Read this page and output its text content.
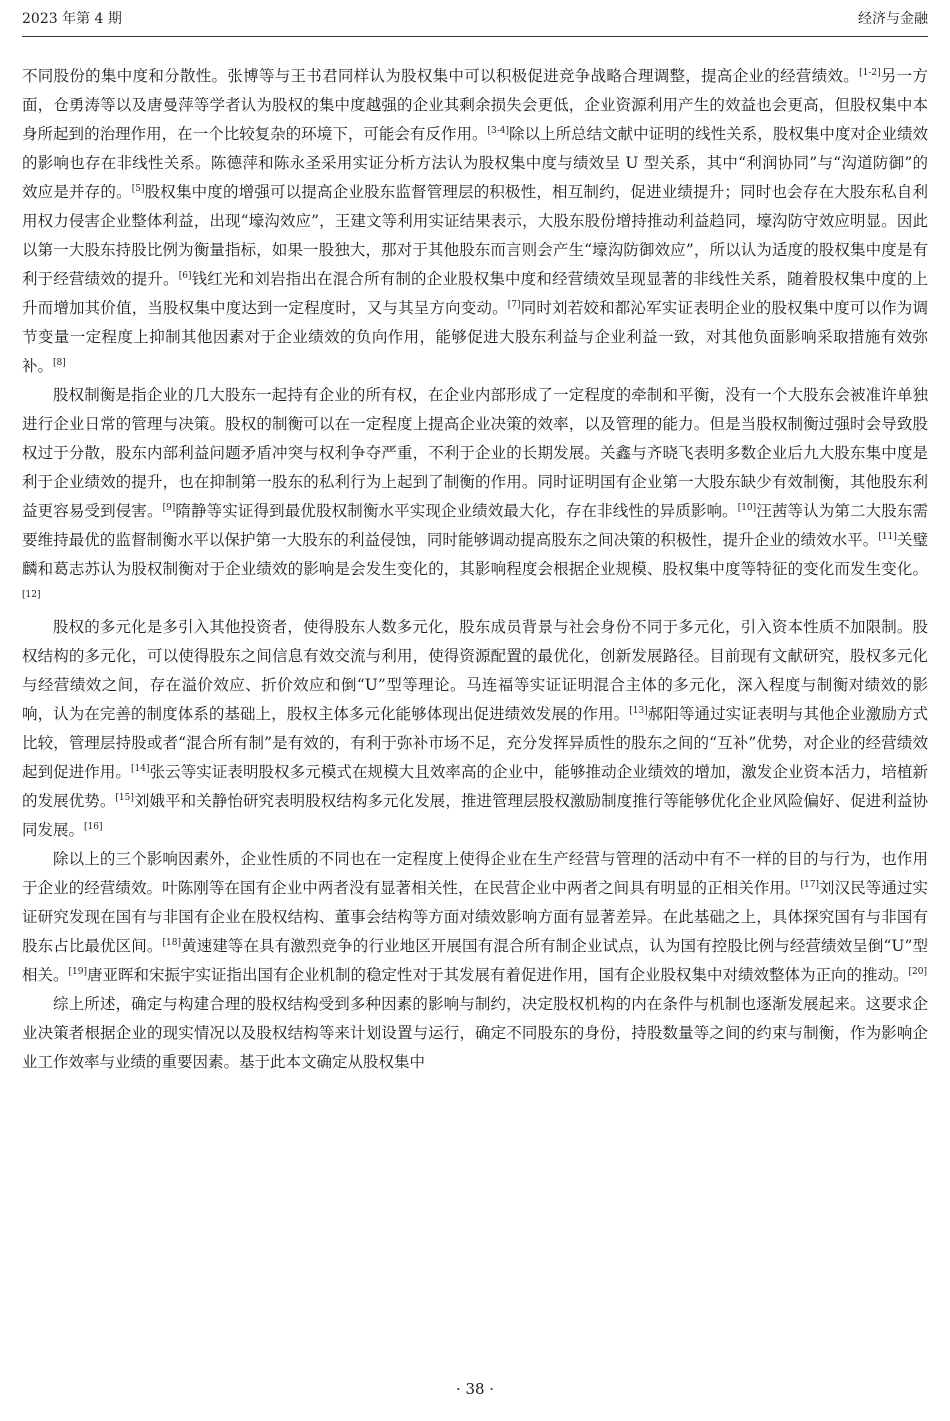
2023 年第 4 期	经济与金融

不同股份的集中度和分散性。张博等与王书君同样认为股权集中可以积极促进竞争战略合理调整，提高企业的经营绩效。[1-2]另一方面，仓勇涛等以及唐曼萍等学者认为股权的集中度越强的企业其剩余损失会更低，企业资源利用产生的效益也会更高，但股权集中本身所起到的治理作用，在一个比较复杂的环境下，可能会有反作用。[3-4]除以上所总结文献中证明的线性关系，股权集中度对企业绩效的影响也存在非线性关系。陈德萍和陈永圣采用实证分析方法认为股权集中度与绩效呈 U 型关系，其中“利润协同”与“沟道防御”的效应是并存的。[5]股权集中度的增强可以提高企业股东监督管理层的积极性，相互制约，促进业绩提升；同时也会存在大股东私自利用权力侵害企业整体利益，出现“壕沟效应”，王建文等利用实证结果表示，大股东股份增持推动利益趋同，壕沟防守效应明显。因此以第一大股东持股比例为衡量指标，如果一股独大，那对于其他股东而言则会产生“壕沟防御效应”，所以认为适度的股权集中度是有利于经营绩效的提升。[6]钱红光和刘岩指出在混合所有制的企业股权集中度和经营绩效呈现显著的非线性关系，随着股权集中度的上升而增加其价值，当股权集中度达到一定程度时，又与其呈方向变动。[7]同时刘若姣和都沁军实证表明企业的股权集中度可以作为调节变量一定程度上抑制其他因素对于企业绩效的负向作用，能够促进大股东利益与企业利益一致，对其他负面影响采取措施有效弥补。[8]

股权制衡是指企业的几大股东一起持有企业的所有权，在企业内部形成了一定程度的牵制和平衡，没有一个大股东会被准许单独进行企业日常的管理与决策。股权的制衡可以在一定程度上提高企业决策的效率，以及管理的能力。但是当股权制衡过强时会导致股权过于分散，股东内部利益问题矛盾冲突与权利争夺严重，不利于企业的长期发展。关鑫与齐晓飞表明多数企业后九大股东集中度是利于企业绩效的提升，也在抑制第一股东的私利行为上起到了制衡的作用。同时证明国有企业第一大股东缺少有效制衡，其他股东利益更容易受到侵害。[9]隋静等实证得到最优股权制衡水平实现企业绩效最大化，存在非线性的异质影响。[10]汪茜等认为第二大股东需要维持最优的监督制衡水平以保护第一大股东的利益侵蚀，同时能够调动提高股东之间决策的积极性，提升企业的绩效水平。[11]关璧麟和葛志苏认为股权制衡对于企业绩效的影响是会发生变化的，其影响程度会根据企业规模、股权集中度等特征的变化而发生变化。[12]

股权的多元化是多引入其他投资者，使得股东人数多元化，股东成员背景与社会身份不同于多元化，引入资本性质不加限制。股权结构的多元化，可以使得股东之间信息有效交流与利用，使得资源配置的最优化，创新发展路径。目前现有文献研究，股权多元化与经营绩效之间，存在溢价效应、折价效应和倒“U”型等理论。马连福等实证证明混合主体的多元化，深入程度与制衡对绩效的影响，认为在完善的制度体系的基础上，股权主体多元化能够体现出促进绩效发展的作用。[13]郝阳等通过实证表明与其他企业激励方式比较，管理层持股或者“混合所有制”是有效的，有利于弥补市场不足，充分发挥异质性的股东之间的“互补”优势，对企业的经营绩效起到促进作用。[14]张云等实证表明股权多元模式在规模大且效率高的企业中，能够推动企业绩效的增加，激发企业资本活力，培植新的发展优势。[15]刘娥平和关静怡研究表明股权结构多元化发展，推进管理层股权激励制度推行等能够优化企业风险偏好、促进利益协同发展。[16]

除以上的三个影响因素外，企业性质的不同也在一定程度上使得企业在生产经营与管理的活动中有不一样的目的与行为，也作用于企业的经营绩效。叶陈刚等在国有企业中两者没有显著相关性，在民营企业中两者之间具有明显的正相关作用。[17]刘汉民等通过实证研究发现在国有与非国有企业在股权结构、董事会结构等方面对绩效影响方面有显著差异。在此基础之上，具体探究国有与非国有股东占比最优区间。[18]黄速建等在具有激烈竞争的行业地区开展国有混合所有制企业试点，认为国有控股比例与经营绩效呈倒“U”型相关。[19]唐亚晖和宋振宇实证指出国有企业机制的稳定性对于其发展有着促进作用，国有企业股权集中对绩效整体为正向的推动。[20]

综上所述，确定与构建合理的股权结构受到多种因素的影响与制约，决定股权机构的内在条件与机制也逐渐发展起来。这要求企业决策者根据企业的现实情况以及股权结构等来计划设置与运行，确定不同股东的身份，持股数量等之间的约束与制衡，作为影响企业工作效率与业绩的重要因素。基于此本文确定从股权集中

· 38 ·
